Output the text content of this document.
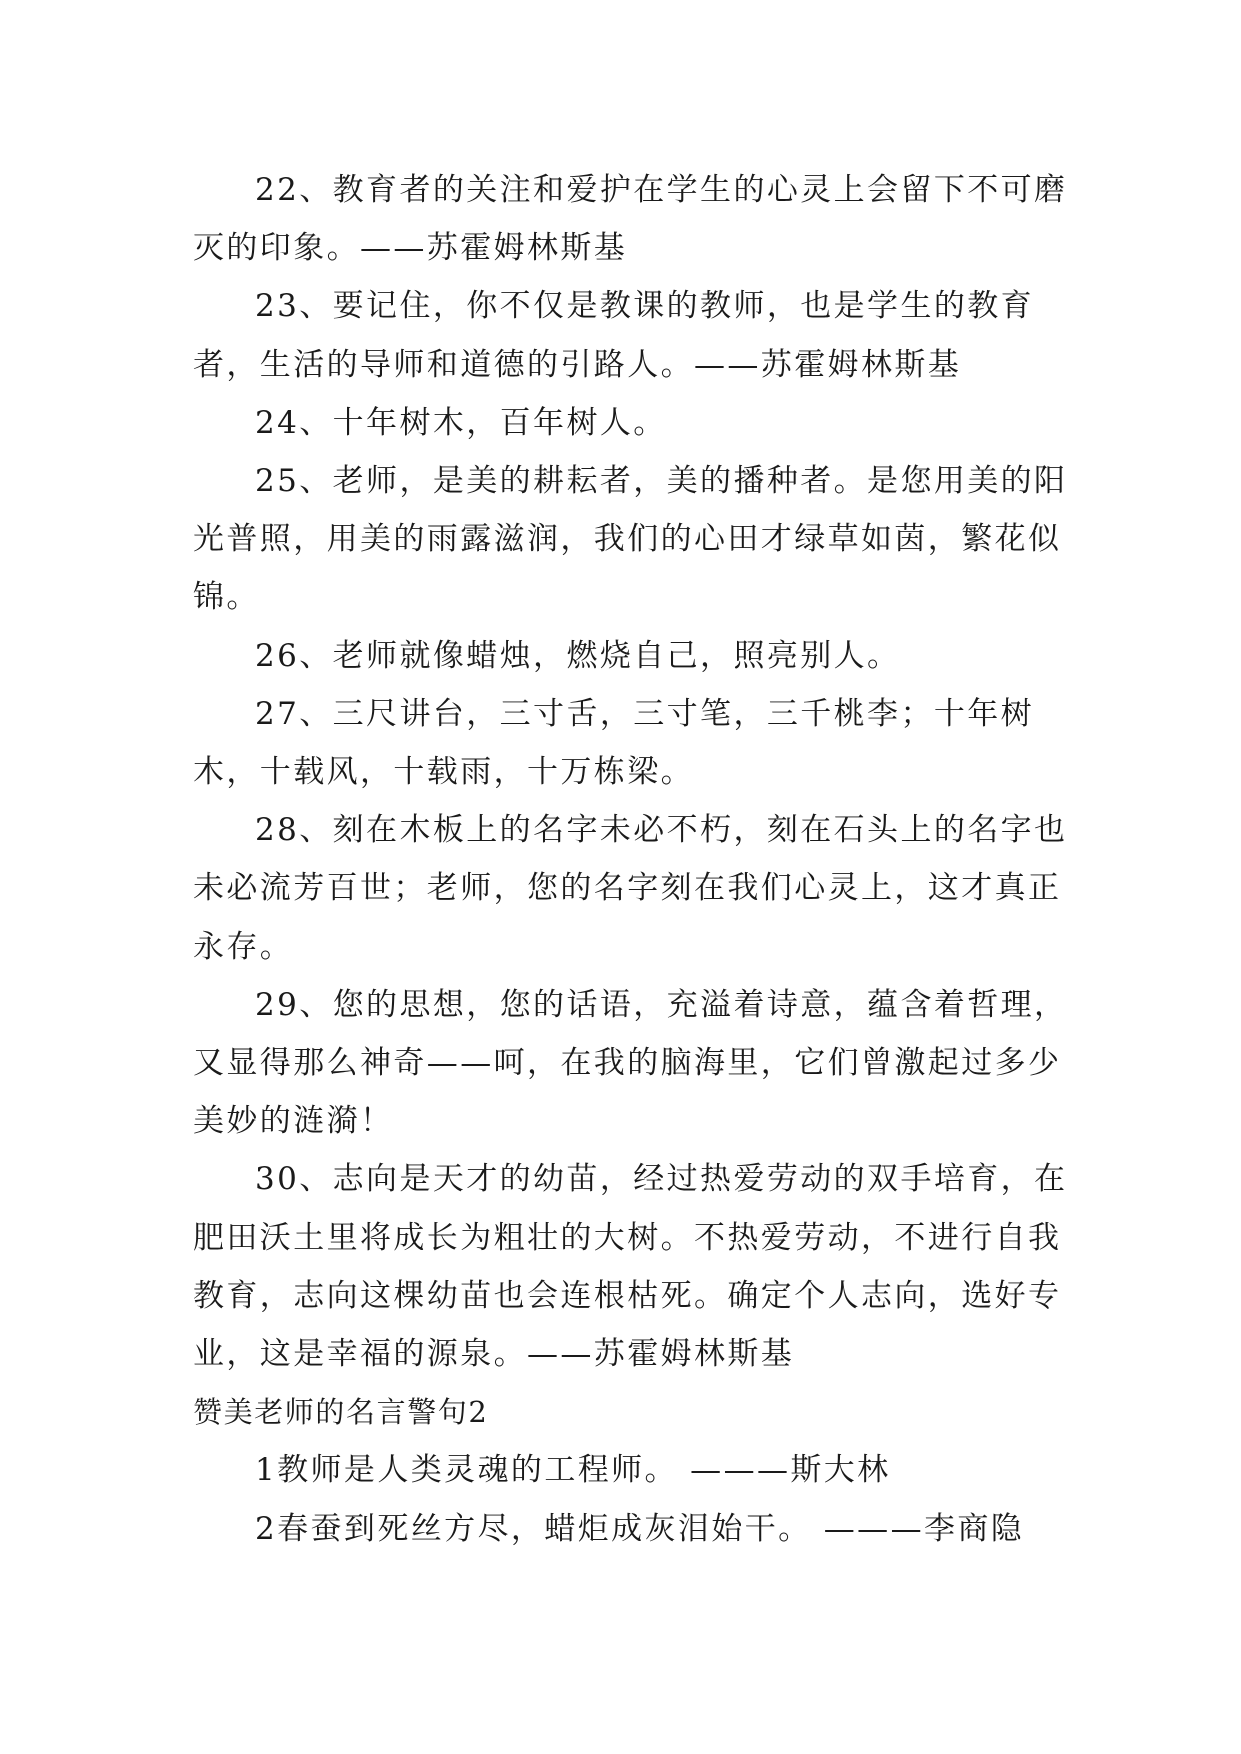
22、教育者的关注和爱护在学生的心灵上会留下不可磨灭的印象。——苏霍姆林斯基

23、要记住，你不仅是教课的教师，也是学生的教育者，生活的导师和道德的引路人。——苏霍姆林斯基

24、十年树木，百年树人。

25、老师，是美的耕耘者，美的播种者。是您用美的阳光普照，用美的雨露滋润，我们的心田才绿草如茵，繁花似锦。

26、老师就像蜡烛，燃烧自己，照亮别人。

27、三尺讲台，三寸舌，三寸笔，三千桃李；十年树木，十载风，十载雨，十万栋梁。

28、刻在木板上的名字未必不朽，刻在石头上的名字也未必流芳百世；老师，您的名字刻在我们心灵上，这才真正永存。

29、您的思想，您的话语，充溢着诗意，蕴含着哲理，又显得那么神奇——呵，在我的脑海里，它们曾激起过多少美妙的涟漪！

30、志向是天才的幼苗，经过热爱劳动的双手培育，在肥田沃土里将成长为粗壮的大树。不热爱劳动，不进行自我教育，志向这棵幼苗也会连根枯死。确定个人志向，选好专业，这是幸福的源泉。——苏霍姆林斯基

赞美老师的名言警句2

1教师是人类灵魂的工程师。 ———斯大林

2春蚕到死丝方尽，蜡炬成灰泪始干。 ———李商隐
